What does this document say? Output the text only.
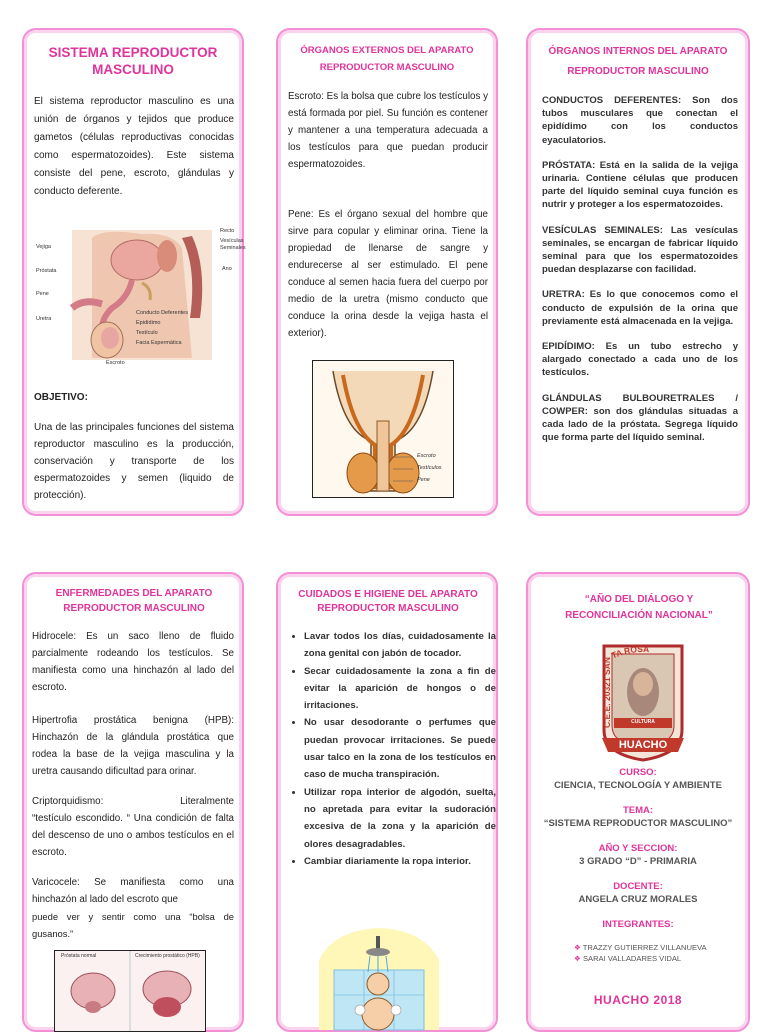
SISTEMA REPRODUCTOR MASCULINO
El sistema reproductor masculino es una unión de órganos y tejidos que produce gametos (células reproductivas conocidas como espermatozoides). Este sistema consiste del pene, escroto, glándulas y conducto deferente.
Recto
Vesículas Seminales
Vejiga
Próstata	Ano
Pene
Uretra
Conducto Deferentes
Epidídimo
Testículo
Facia Espermática
Escroto
OBJETIVO:
Una de las principales funciones del sistema reproductor masculino es la producción, conservación y transporte de los espermatozoides y semen (liquido de protección).
ÓRGANOS EXTERNOS DEL APARATO REPRODUCTOR MASCULINO
Escroto: Es la bolsa que cubre los testículos y está formada por piel. Su función es contener y mantener a una temperatura adecuada a los testículos para que puedan producir espermatozoides.
Pene: Es el órgano sexual del hombre que sirve para copular y eliminar orina. Tiene la propiedad de llenarse de sangre y endurecerse al ser estimulado. El pene conduce al semen hacia fuera del cuerpo por medio de la uretra (mismo conducto que conduce la orina desde la vejiga hasta el exterior).
Escroto
Testículos
Pene
ÓRGANOS INTERNOS DEL APARATO REPRODUCTOR MASCULINO

CONDUCTOS DEFERENTES: Son dos tubos musculares que conectan el epidídimo con los conductos eyaculatorios.

PRÓSTATA: Está en la salida de la vejiga urinaria. Contiene células que producen parte del líquido seminal cuya función es nutrir y proteger a los espermatozoides.

VESÍCULAS SEMINALES: Las vesículas seminales, se encargan de fabricar líquido seminal para que los espermatozoides puedan desplazarse con facilidad.

URETRA: Es lo que conocemos como el conducto de expulsión de la orina que previamente está almacenada en la vejiga.

EPIDÍDIMO: Es un tubo estrecho y alargado conectado a cada uno de los testículos.

GLÁNDULAS BULBOURETRALES / COWPER: son dos glándulas situadas a cada lado de la próstata. Segrega líquido que forma parte del líquido seminal.

ENFERMEDADES DEL APARATO REPRODUCTOR MASCULINO
Hidrocele: Es un saco lleno de fluido parcialmente rodeando los testículos. Se manifiesta como una hinchazón al lado del escroto.
Hipertrofia prostática benigna (HPB): Hinchazón de la glándula prostática que rodea la base de la vejiga masculina y la uretra causando dificultad para orinar.
Criptorquidismo:	Literalmente
“testículo escondido. “ Una condición de falta del descenso de uno o ambos testículos en el escroto.
Varicocele: Se manifiesta como una hinchazón al lado del escroto que
puede ver y sentir como una “bolsa de gusanos.”
Próstata normal	Crecimiento prostático (HPB)
CUIDADOS E HIGIENE DEL APARATO REPRODUCTOR MASCULINO
• Lavar todos los días, cuidadosamente la zona genital con jabón de tocador.
• Secar cuidadosamente la zona a fin de evitar la aparición de hongos o de irritaciones.
• No usar desodorante o perfumes que puedan provocar irritaciones. Se puede usar talco en la zona de los testículos en caso de mucha transpiración.
• Utilizar ropa interior de algodón, suelta, no apretada para evitar la sudoración excesiva de la zona y la aparición de olores desagradables.
• Cambiar diariamente la ropa interior.
“AÑO DEL DIÁLOGO Y RECONCILIACIÓN NACIONAL”
C.E.E. 20321 SANTA ROSA
CULTURA
HUACHO
CURSO:
CIENCIA, TECNOLOGÍA Y AMBIENTE
TEMA:
“SISTEMA REPRODUCTOR MASCULINO”
AÑO Y SECCION:
3 GRADO “D” - PRIMARIA
DOCENTE:
ANGELA CRUZ MORALES
INTEGRANTES:
❖ TRAZZY GUTIERREZ VILLANUEVA
❖ SARAI VALLADARES VIDAL
HUACHO 2018
